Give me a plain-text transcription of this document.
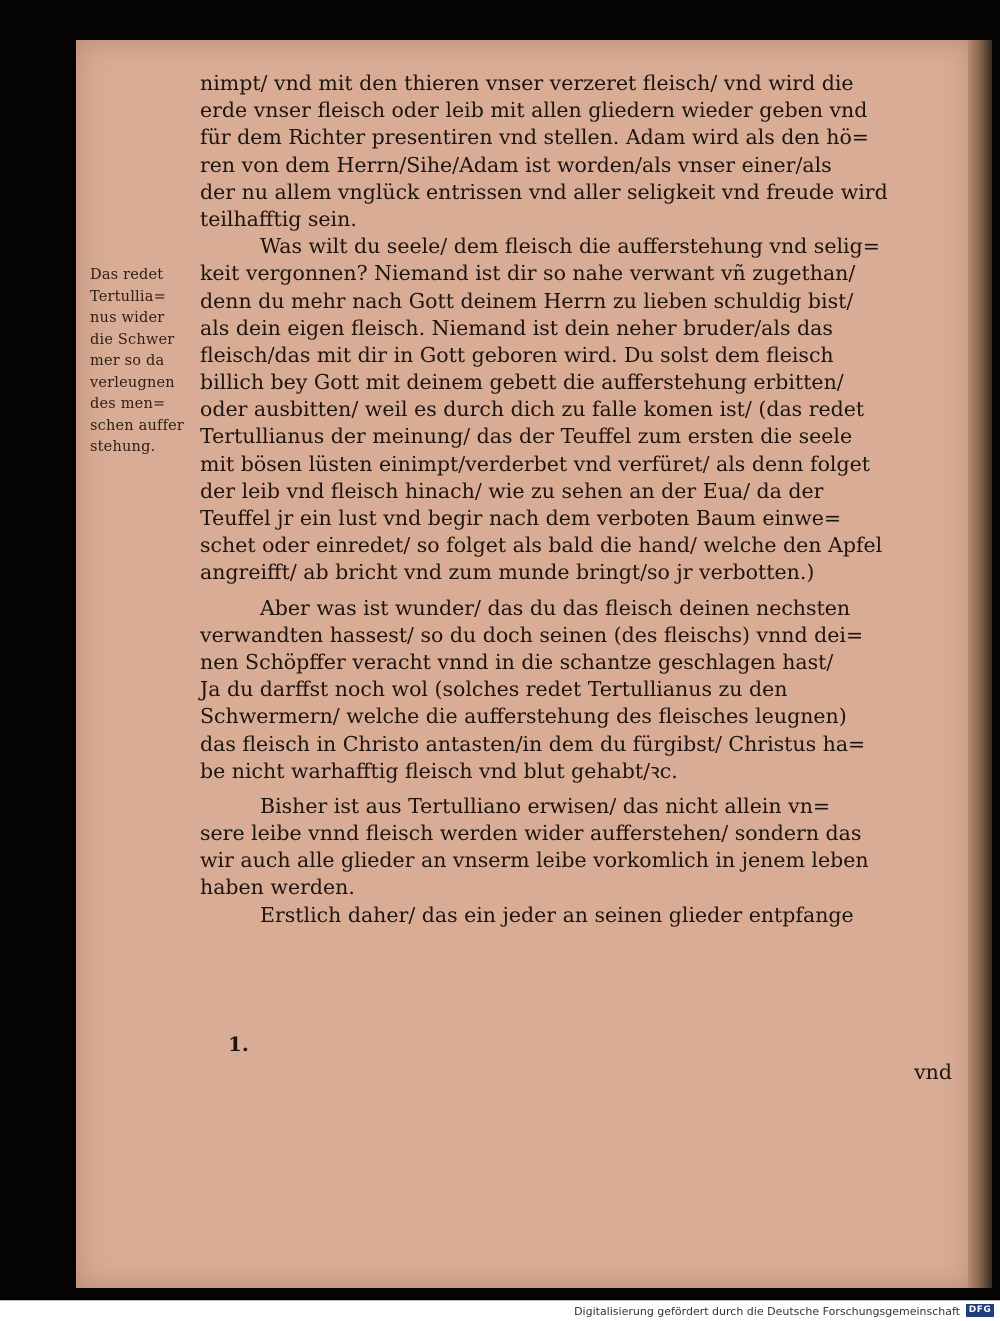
Das redet
Tertullia=
nus wider
die Schwer
mer so da
verleugnen
des men=
schen auffer
stehung.
nimpt/ vnd mit den thieren vnser verzeret fleisch/ vnd wird die
erde vnser fleisch oder leib mit allen gliedern wieder geben vnd
für dem Richter presentiren vnd stellen. Adam wird als den hö=
ren von dem Herrn/Sihe/Adam ist worden/als vnser einer/als
der nu allem vnglück entrissen vnd aller seligkeit vnd freude wird
teilhafftig sein.
Was wilt du seele/ dem fleisch die aufferstehung vnd selig=
keit vergonnen? Niemand ist dir so nahe verwant vñ zugethan/
denn du mehr nach Gott deinem Herrn zu lieben schuldig bist/
als dein eigen fleisch. Niemand ist dein neher bruder/als das
fleisch/das mit dir in Gott geboren wird. Du solst dem fleisch
billich bey Gott mit deinem gebett die aufferstehung erbitten/
oder ausbitten/ weil es durch dich zu falle komen ist/ (das redet
Tertullianus der meinung/ das der Teuffel zum ersten die seele
mit bösen lüsten einimpt/verderbet vnd verfüret/ als denn folget
der leib vnd fleisch hinach/ wie zu sehen an der Eua/ da der
Teuffel jr ein lust vnd begir nach dem verboten Baum einwe=
schet oder einredet/ so folget als bald die hand/ welche den Apfel
angreifft/ ab bricht vnd zum munde bringt/so jr verbotten.)
Aber was ist wunder/ das du das fleisch deinen nechsten
verwandten hassest/ so du doch seinen (des fleischs) vnnd dei=
nen Schöpffer veracht vnnd in die schantze geschlagen hast/
Ja du darffst noch wol (solches redet Tertullianus zu den
Schwermern/ welche die aufferstehung des fleisches leugnen)
das fleisch in Christo antasten/in dem du fürgibst/ Christus ha=
be nicht warhafftig fleisch vnd blut gehabt/ꝛc.
Bisher ist aus Tertulliano erwisen/ das nicht allein vn=
sere leibe vnnd fleisch werden wider aufferstehen/ sondern das
wir auch alle glieder an vnserm leibe vorkomlich in jenem leben
haben werden.
Erstlich daher/ das ein jeder an seinen glieder entpfange
1.
vnd
Digitalisierung gefördert durch die Deutsche Forschungsgemeinschaft DFG
